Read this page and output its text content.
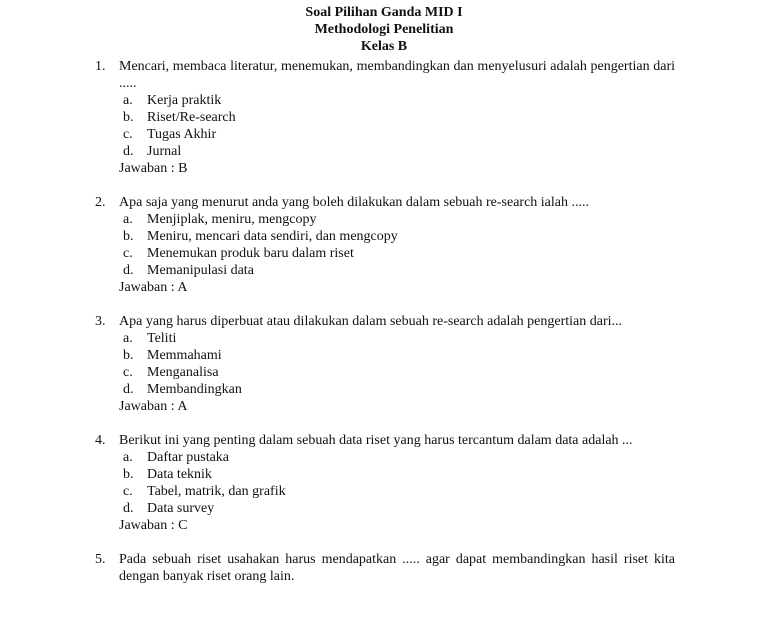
Soal Pilihan Ganda MID I
Methodologi Penelitian
Kelas B
1. Mencari, membaca literatur, menemukan, membandingkan dan menyelusuri adalah pengertian dari .....
a. Kerja praktik
b. Riset/Re-search
c. Tugas Akhir
d. Jurnal
Jawaban : B
2. Apa saja yang menurut anda yang boleh dilakukan dalam sebuah re-search ialah .....
a. Menjiplak, meniru, mengcopy
b. Meniru, mencari data sendiri, dan mengcopy
c. Menemukan produk baru dalam riset
d. Memanipulasi data
Jawaban : A
3. Apa yang harus diperbuat atau dilakukan dalam sebuah re-search adalah pengertian dari...
a. Teliti
b. Memmahami
c. Menganalisa
d. Membandingkan
Jawaban : A
4. Berikut ini yang penting dalam sebuah data riset yang harus tercantum dalam data adalah ...
a. Daftar pustaka
b. Data teknik
c. Tabel, matrik, dan grafik
d. Data survey
Jawaban : C
5. Pada sebuah riset usahakan harus mendapatkan ..... agar dapat membandingkan hasil riset kita dengan banyak riset orang lain.
